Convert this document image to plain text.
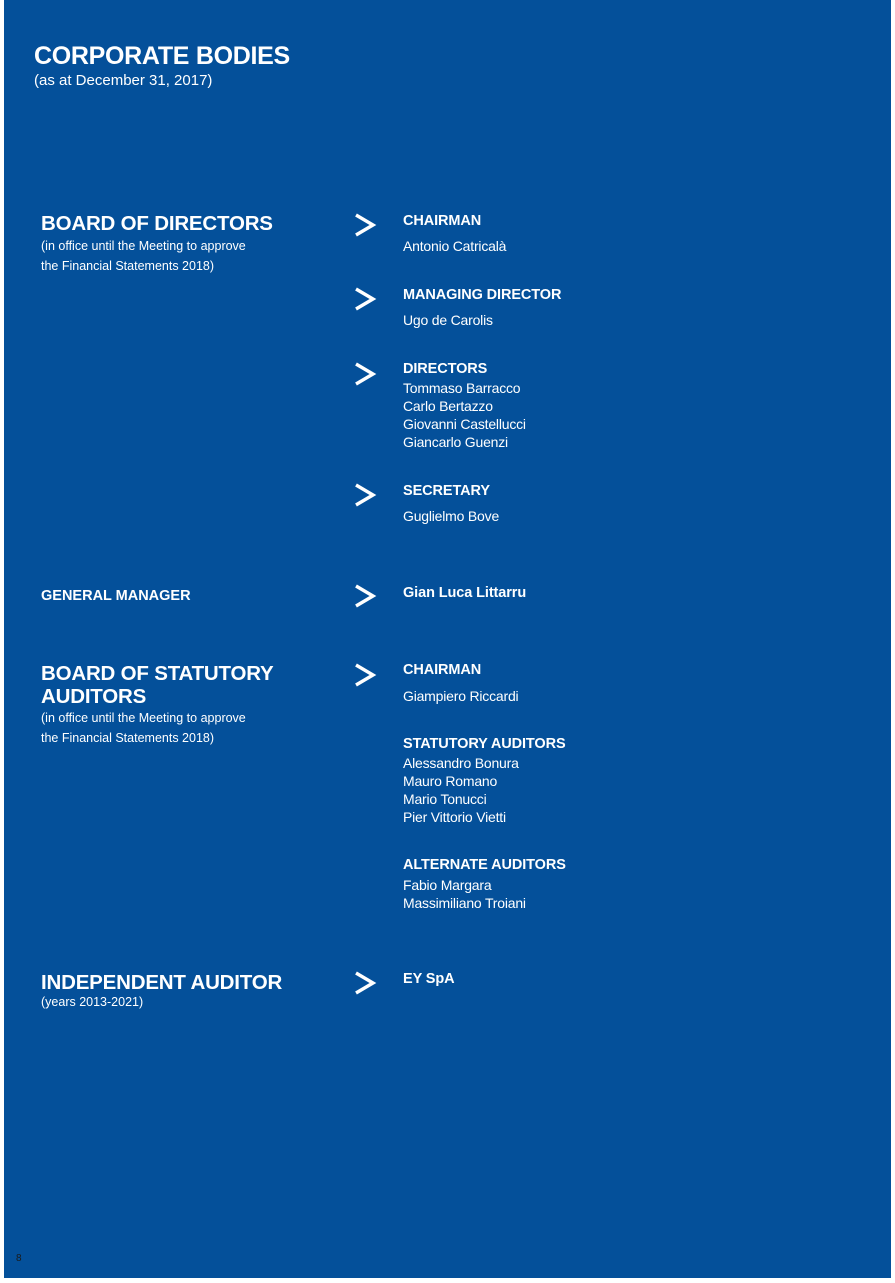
CORPORATE BODIES
(as at December 31, 2017)
BOARD OF DIRECTORS
(in office until the Meeting to approve
the Financial Statements 2018)
CHAIRMAN
Antonio Catricalà
MANAGING DIRECTOR
Ugo de Carolis
DIRECTORS
Tommaso Barracco
Carlo Bertazzo
Giovanni Castellucci
Giancarlo Guenzi
SECRETARY
Guglielmo Bove
GENERAL MANAGER	Gian Luca Littarru
BOARD OF STATUTORY
AUDITORS
(in office until the Meeting to approve
the Financial Statements 2018)
CHAIRMAN
Giampiero Riccardi
STATUTORY AUDITORS
Alessandro Bonura
Mauro Romano
Mario Tonucci
Pier Vittorio Vietti
ALTERNATE AUDITORS
Fabio Margara
Massimiliano Troiani
INDEPENDENT AUDITOR
(years 2013-2021)
EY SpA
8
